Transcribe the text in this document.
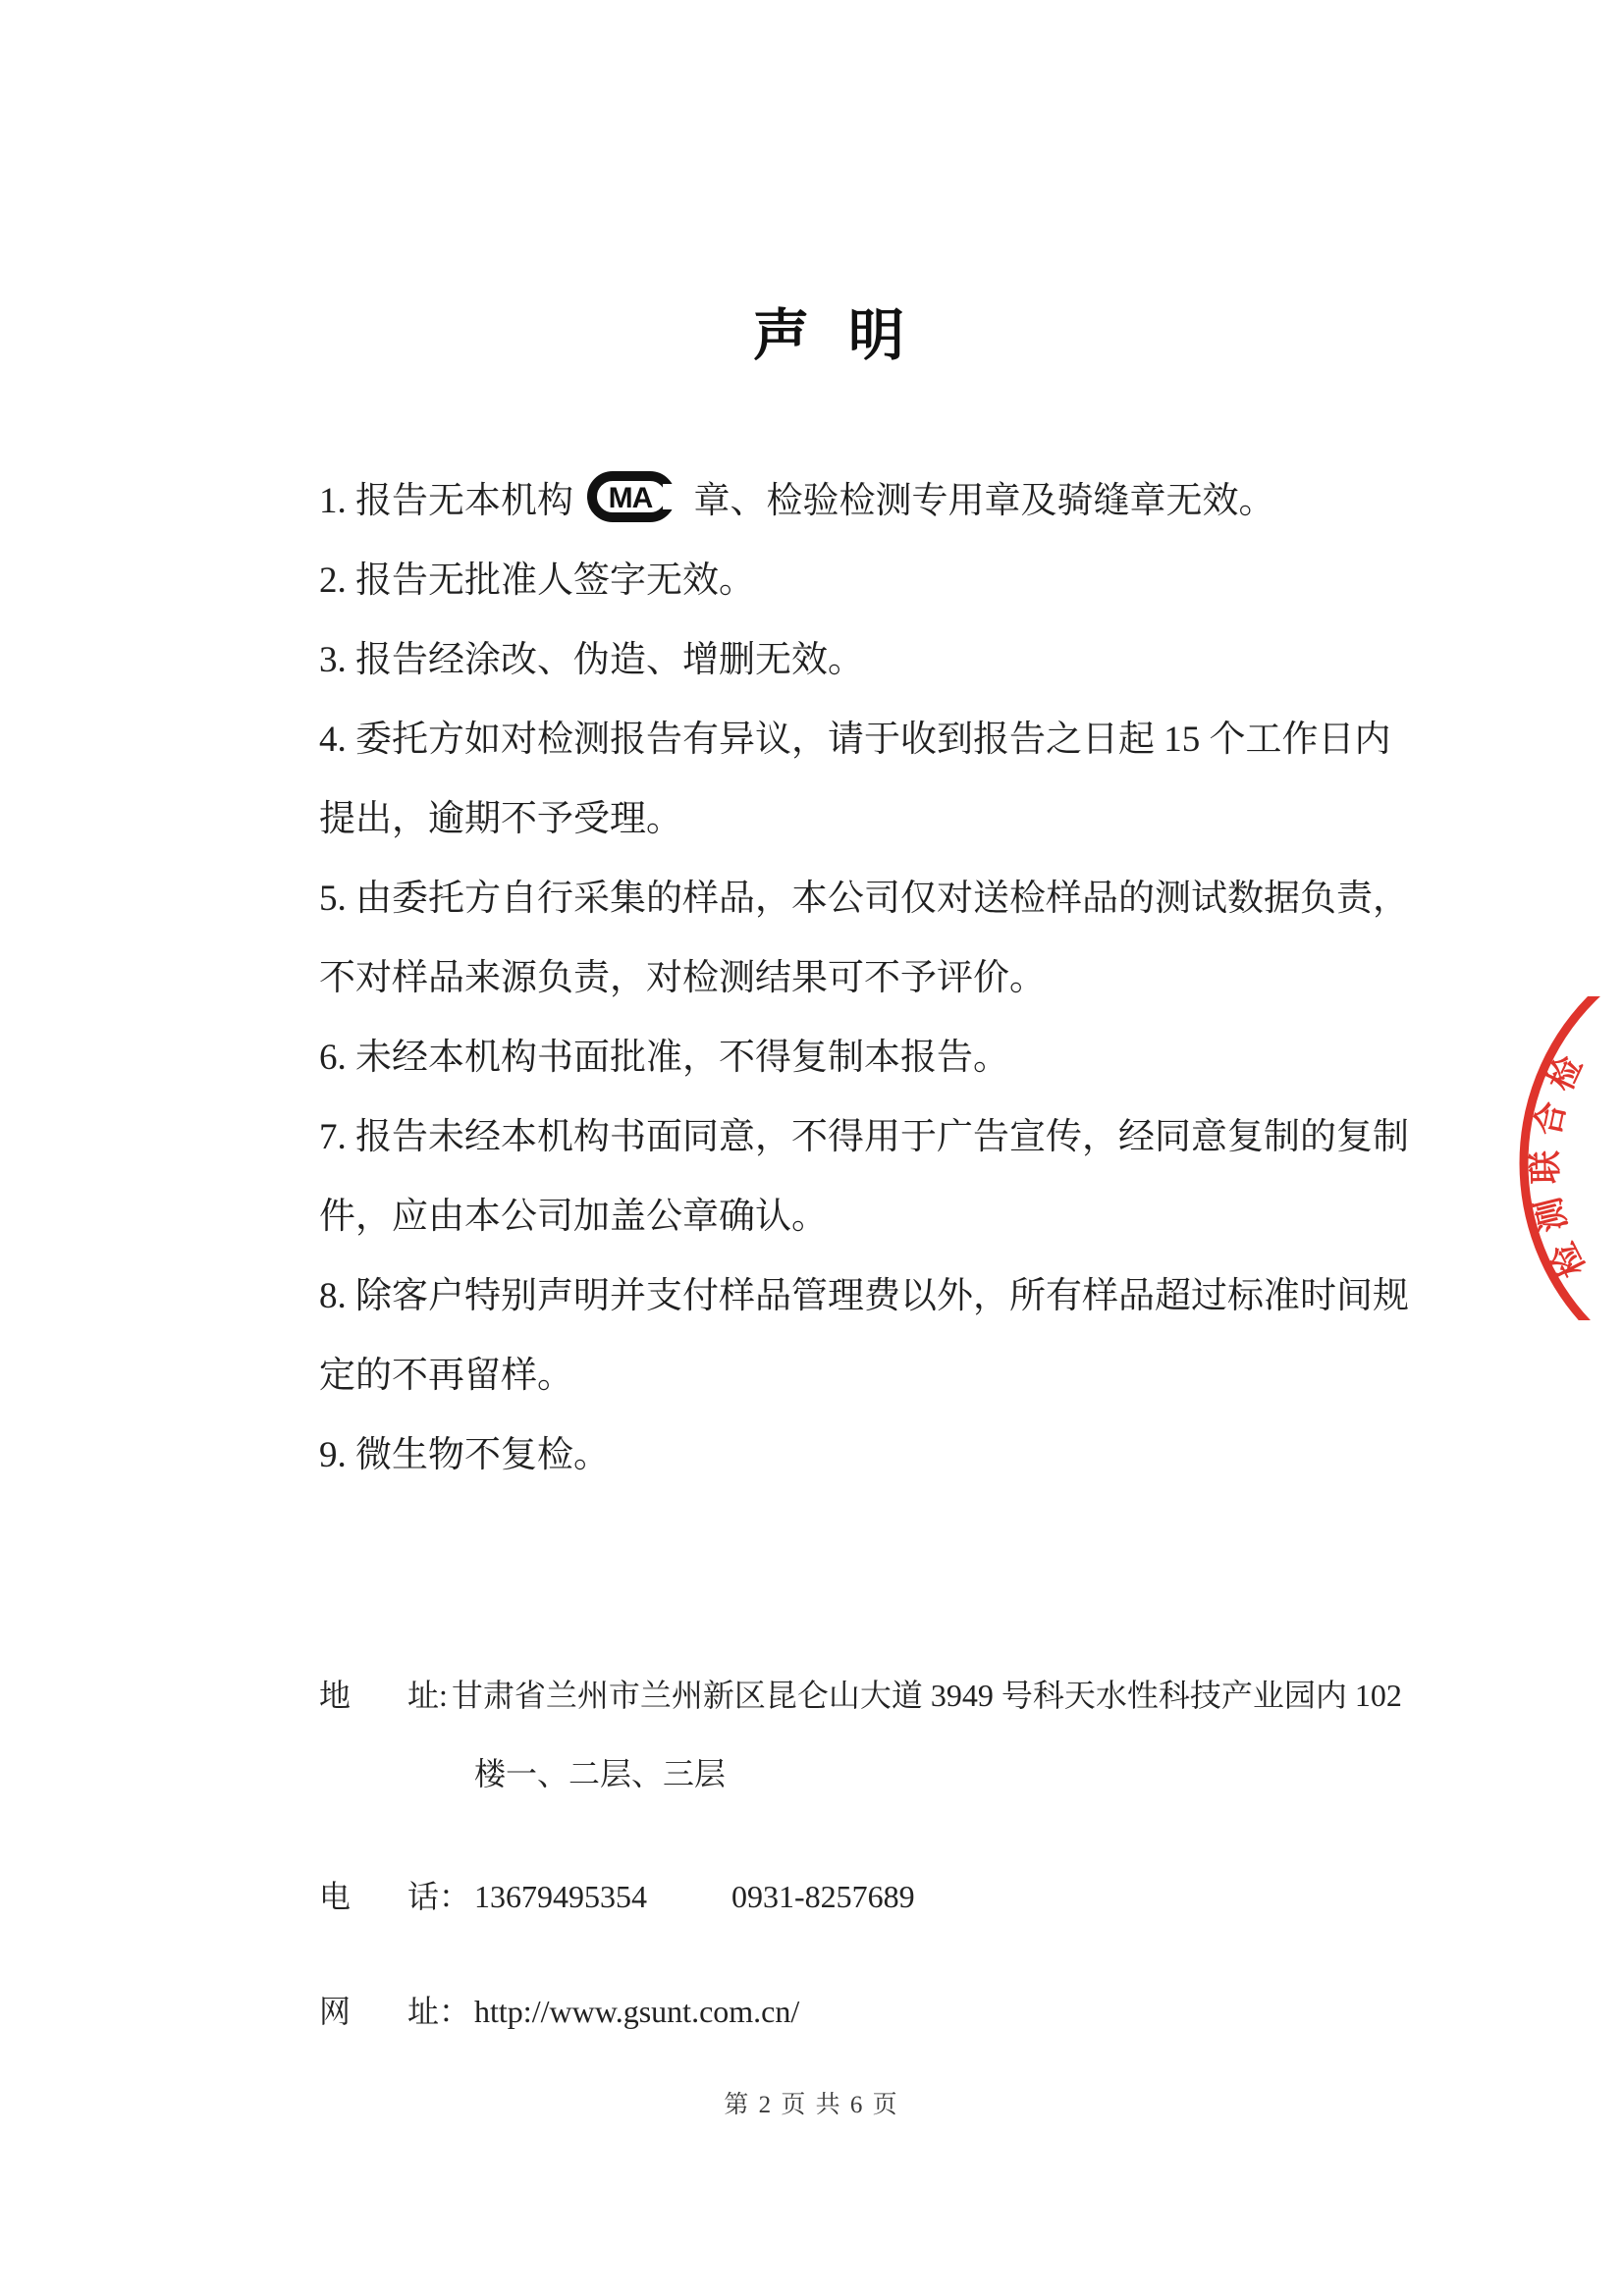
声明
1. 报告无本机构 MA 章、检验检测专用章及骑缝章无效。
2. 报告无批准人签字无效。
3. 报告经涂改、伪造、增删无效。
4. 委托方如对检测报告有异议，请于收到报告之日起 15 个工作日内
提出，逾期不予受理。
5. 由委托方自行采集的样品，本公司仅对送检样品的测试数据负责，
不对样品来源负责，对检测结果可不予评价。
6. 未经本机构书面批准，不得复制本报告。
7. 报告未经本机构书面同意，不得用于广告宣传，经同意复制的复制
件，应由本公司加盖公章确认。
8. 除客户特别声明并支付样品管理费以外，所有样品超过标准时间规
定的不再留样。
9. 微生物不复检。
地 址: 甘肃省兰州市兰州新区昆仑山大道 3949 号科天水性科技产业园内 102
楼一、二层、三层
电 话： 13679495354	0931-8257689
网 址： http://www.gsunt.com.cn/
第 2 页 共 6 页
检
测
联
合
检
